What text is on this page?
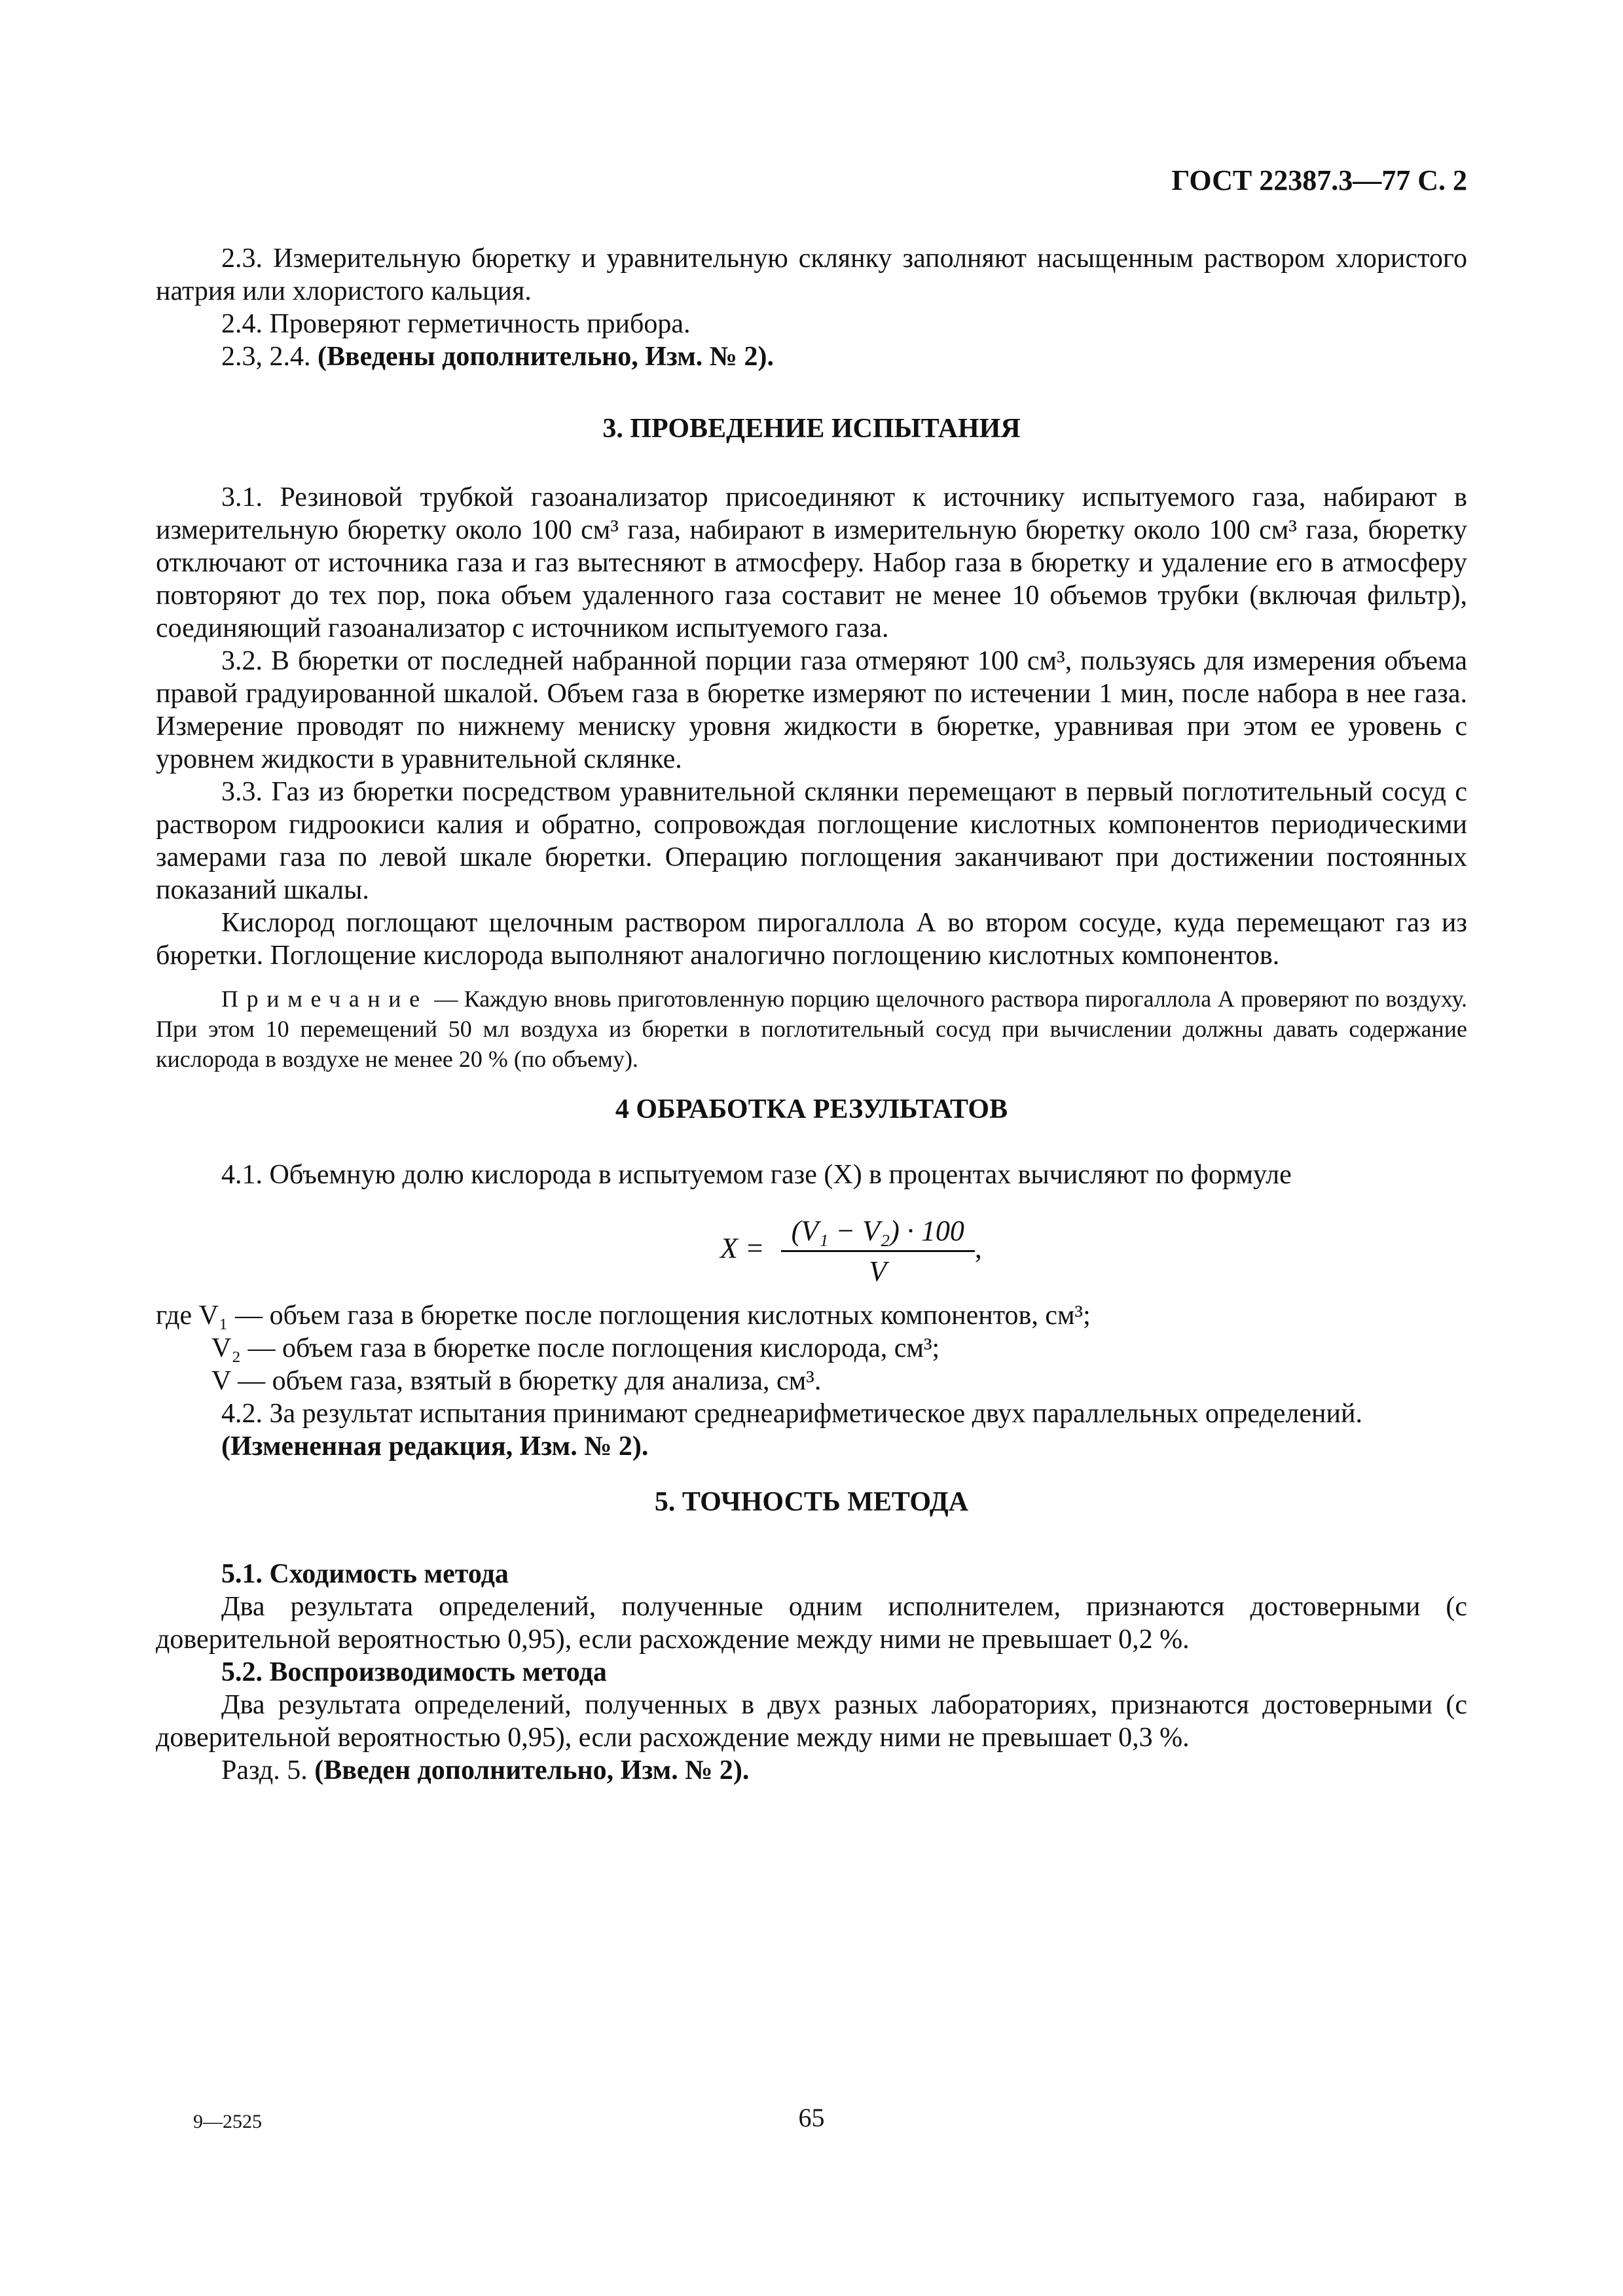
ГОСТ 22387.3—77 С. 2

2.3. Измерительную бюретку и уравнительную склянку заполняют насыщенным раствором хлористого натрия или хлористого кальция.

2.4. Проверяют герметичность прибора.

2.3, 2.4. (Введены дополнительно, Изм. № 2).

3. ПРОВЕДЕНИЕ ИСПЫТАНИЯ

3.1. Резиновой трубкой газоанализатор присоединяют к источнику испытуемого газа, набирают в измерительную бюретку около 100 см³ газа, набирают в измерительную бюретку около 100 см³ газа, бюретку отключают от источника газа и газ вытесняют в атмосферу. Набор газа в бюретку и удаление его в атмосферу повторяют до тех пор, пока объем удаленного газа составит не менее 10 объемов трубки (включая фильтр), соединяющий газоанализатор с источником испытуемого газа.

3.2. В бюретки от последней набранной порции газа отмеряют 100 см³, пользуясь для измерения объема правой градуированной шкалой. Объем газа в бюретке измеряют по истечении 1 мин, после набора в нее газа. Измерение проводят по нижнему мениску уровня жидкости в бюретке, уравнивая при этом ее уровень с уровнем жидкости в уравнительной склянке.

3.3. Газ из бюретки посредством уравнительной склянки перемещают в первый поглотительный сосуд с раствором гидроокиси калия и обратно, сопровождая поглощение кислотных компонентов периодическими замерами газа по левой шкале бюретки. Операцию поглощения заканчивают при достижении постоянных показаний шкалы.

Кислород поглощают щелочным раствором пирогаллола А во втором сосуде, куда перемещают газ из бюретки. Поглощение кислорода выполняют аналогично поглощению кислотных компонентов.

Примечание — Каждую вновь приготовленную порцию щелочного раствора пирогаллола А проверяют по воздуху. При этом 10 перемещений 50 мл воздуха из бюретки в поглотительный сосуд при вычислении должны давать содержание кислорода в воздухе не менее 20 % (по объему).

4 ОБРАБОТКА РЕЗУЛЬТАТОВ

4.1. Объемную долю кислорода в испытуемом газе (X) в процентах вычисляют по формуле

$X = \frac{\text{(V₁ − V₂) · 100}}{V}$ ,
где V₁ — объем газа в бюретке после поглощения кислотных компонентов, см³;
V₂ — объем газа в бюретке после поглощения кислорода, см³;
V — объем газа, взятый в бюретку для анализа, см³.

4.2. За результат испытания принимают среднеарифметическое двух параллельных определений.

(Измененная редакция, Изм. № 2).

5. ТОЧНОСТЬ МЕТОДА

5.1. Сходимость метода

Два результата определений, полученные одним исполнителем, признаются достоверными (с доверительной вероятностью 0,95), если расхождение между ними не превышает 0,2 %.

5.2. Воспроизводимость метода

Два результата определений, полученных в двух разных лабораториях, признаются достоверными (с доверительной вероятностью 0,95), если расхождение между ними не превышает 0,3 %.

Разд. 5. (Введен дополнительно, Изм. № 2).

9—2525	65
